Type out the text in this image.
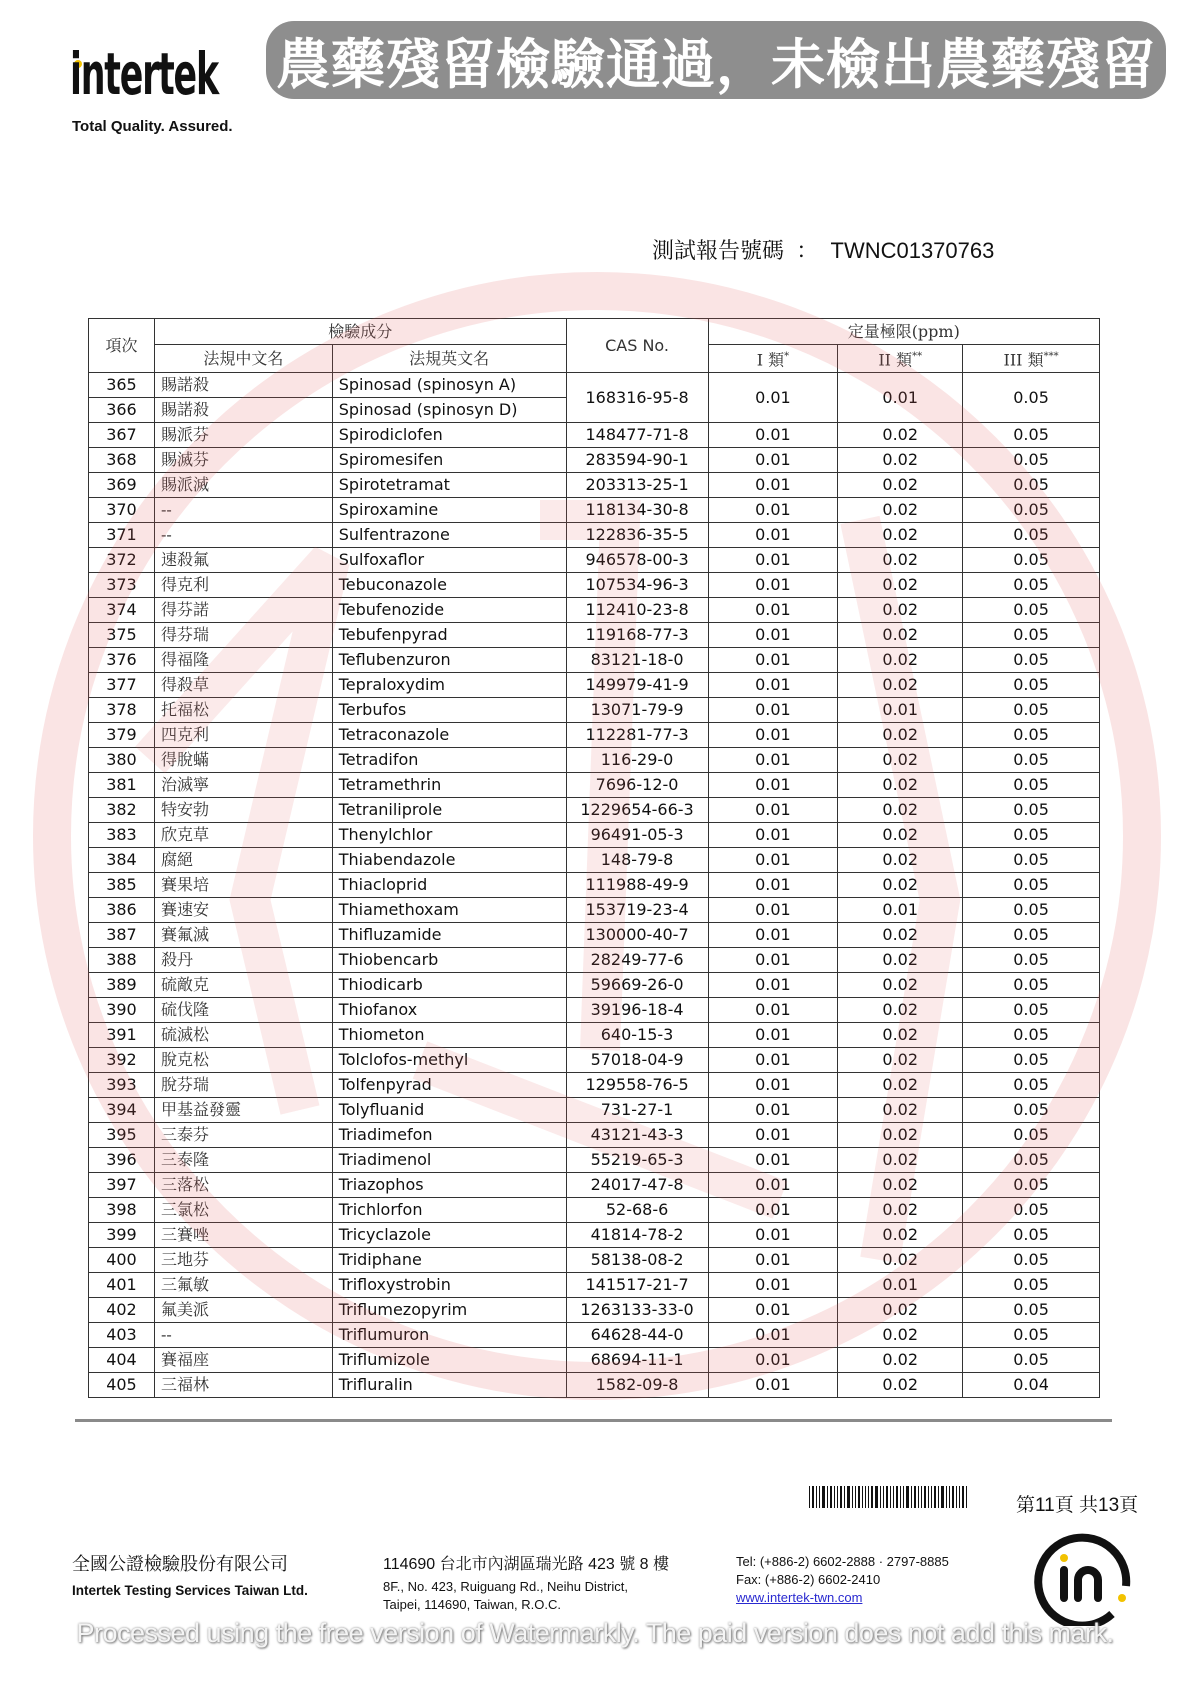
農藥殘留檢驗通過，未檢出農藥殘留
intertek
Total Quality. Assured.
測試報告號碼 ： TWNC01370763
項次	檢驗成分		CAS No.	定量極限(ppm)		
	法規中文名	法規英文名		I 類*	II 類**	III 類***
365	賜諾殺	Spinosad (spinosyn A)	168316-95-8	0.01	0.01	0.05
366	賜諾殺	Spinosad (spinosyn D)				
367	賜派芬	Spirodiclofen	148477-71-8	0.01	0.02	0.05
368	賜滅芬	Spiromesifen	283594-90-1	0.01	0.02	0.05
369	賜派滅	Spirotetramat	203313-25-1	0.01	0.02	0.05
370	--	Spiroxamine	118134-30-8	0.01	0.02	0.05
371	--	Sulfentrazone	122836-35-5	0.01	0.02	0.05
372	速殺氟	Sulfoxaflor	946578-00-3	0.01	0.02	0.05
373	得克利	Tebuconazole	107534-96-3	0.01	0.02	0.05
374	得芬諾	Tebufenozide	112410-23-8	0.01	0.02	0.05
375	得芬瑞	Tebufenpyrad	119168-77-3	0.01	0.02	0.05
376	得福隆	Teflubenzuron	83121-18-0	0.01	0.02	0.05
377	得殺草	Tepraloxydim	149979-41-9	0.01	0.02	0.05
378	托福松	Terbufos	13071-79-9	0.01	0.01	0.05
379	四克利	Tetraconazole	112281-77-3	0.01	0.02	0.05
380	得脫蟎	Tetradifon	116-29-0	0.01	0.02	0.05
381	治滅寧	Tetramethrin	7696-12-0	0.01	0.02	0.05
382	特安勃	Tetraniliprole	1229654-66-3	0.01	0.02	0.05
383	欣克草	Thenylchlor	96491-05-3	0.01	0.02	0.05
384	腐絕	Thiabendazole	148-79-8	0.01	0.02	0.05
385	賽果培	Thiacloprid	111988-49-9	0.01	0.02	0.05
386	賽速安	Thiamethoxam	153719-23-4	0.01	0.01	0.05
387	賽氟滅	Thifluzamide	130000-40-7	0.01	0.02	0.05
388	殺丹	Thiobencarb	28249-77-6	0.01	0.02	0.05
389	硫敵克	Thiodicarb	59669-26-0	0.01	0.02	0.05
390	硫伐隆	Thiofanox	39196-18-4	0.01	0.02	0.05
391	硫滅松	Thiometon	640-15-3	0.01	0.02	0.05
392	脫克松	Tolclofos-methyl	57018-04-9	0.01	0.02	0.05
393	脫芬瑞	Tolfenpyrad	129558-76-5	0.01	0.02	0.05
394	甲基益發靈	Tolyfluanid	731-27-1	0.01	0.02	0.05
395	三泰芬	Triadimefon	43121-43-3	0.01	0.02	0.05
396	三泰隆	Triadimenol	55219-65-3	0.01	0.02	0.05
397	三落松	Triazophos	24017-47-8	0.01	0.02	0.05
398	三氯松	Trichlorfon	52-68-6	0.01	0.02	0.05
399	三賽唑	Tricyclazole	41814-78-2	0.01	0.02	0.05
400	三地芬	Tridiphane	58138-08-2	0.01	0.02	0.05
401	三氟敏	Trifloxystrobin	141517-21-7	0.01	0.01	0.05
402	氟美派	Triflumezopyrim	1263133-33-0	0.01	0.02	0.05
403	--	Triflumuron	64628-44-0	0.01	0.02	0.05
404	賽福座	Triflumizole	68694-11-1	0.01	0.02	0.05
405	三福林	Trifluralin	1582-09-8	0.01	0.02	0.04
第11頁 共13頁
全國公證檢驗股份有限公司
Intertek Testing Services Taiwan Ltd.
114690 台北市內湖區瑞光路 423 號 8 樓
8F., No. 423, Ruiguang Rd., Neihu District,
Taipei, 114690, Taiwan, R.O.C.
Tel: (+886-2) 6602-2888 · 2797-8885
Fax: (+886-2) 6602-2410
www.intertek-twn.com
Processed using the free version of Watermarkly. The paid version does not add this mark.
